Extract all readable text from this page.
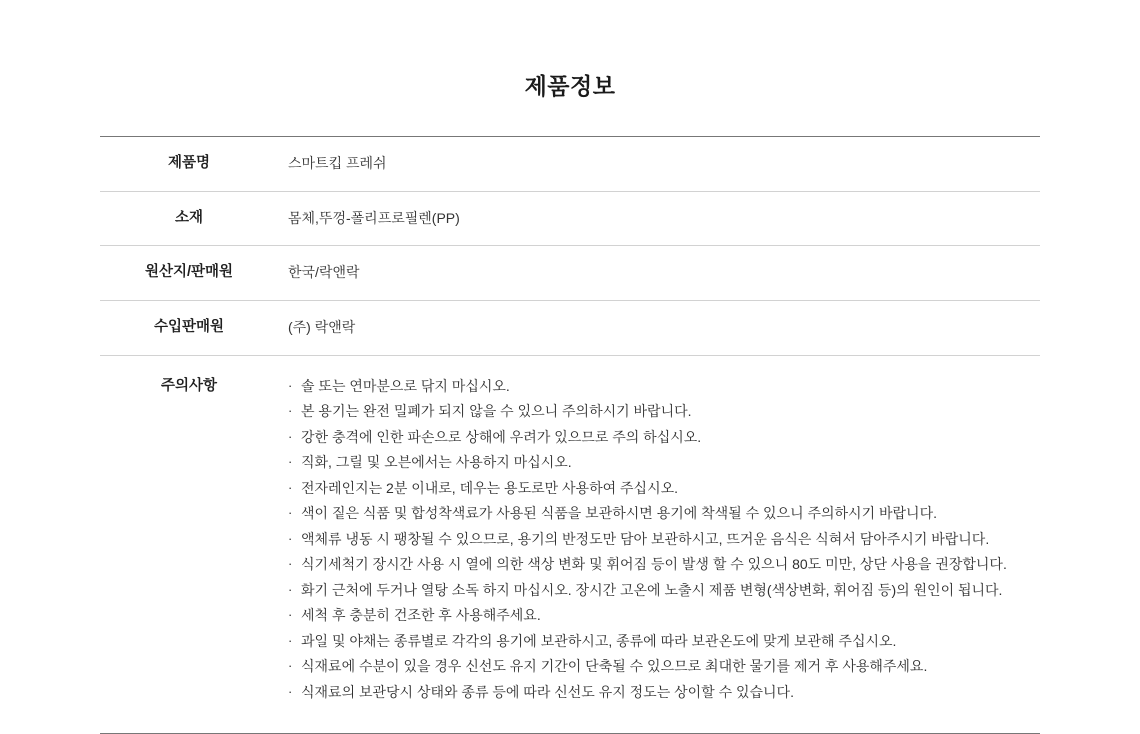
제품정보
제품명	스마트킵 프레쉬
소재	몸체,뚜껑-폴리프로필렌(PP)
원산지/판매원	한국/락앤락
수입판매원	(주) 락앤락
주의사항	· 솔 또는 연마분으로 닦지 마십시오.
· 본 용기는 완전 밀폐가 되지 않을 수 있으니 주의하시기 바랍니다.
· 강한 충격에 인한 파손으로 상해에 우려가 있으므로 주의 하십시오.
· 직화, 그릴 및 오븐에서는 사용하지 마십시오.
· 전자레인지는 2분 이내로, 데우는 용도로만 사용하여 주십시오.
· 색이 짙은 식품 및 합성착색료가 사용된 식품을 보관하시면 용기에 착색될 수 있으니 주의하시기 바랍니다.
· 액체류 냉동 시 팽창될 수 있으므로, 용기의 반정도만 담아 보관하시고, 뜨거운 음식은 식혀서 담아주시기 바랍니다.
· 식기세척기 장시간 사용 시 열에 의한 색상 변화 및 휘어짐 등이 발생 할 수 있으니 80도 미만, 상단 사용을 권장합니다.
· 화기 근처에 두거나 열탕 소독 하지 마십시오. 장시간 고온에 노출시 제품 변형(색상변화, 휘어짐 등)의 원인이 됩니다.
· 세척 후 충분히 건조한 후 사용해주세요.
· 과일 및 야채는 종류별로 각각의 용기에 보관하시고, 종류에 따라 보관온도에 맞게 보관해 주십시오.
· 식재료에 수분이 있을 경우 신선도 유지 기간이 단축될 수 있으므로 최대한 물기를 제거 후 사용해주세요.
· 식재료의 보관당시 상태와 종류 등에 따라 신선도 유지 정도는 상이할 수 있습니다.
